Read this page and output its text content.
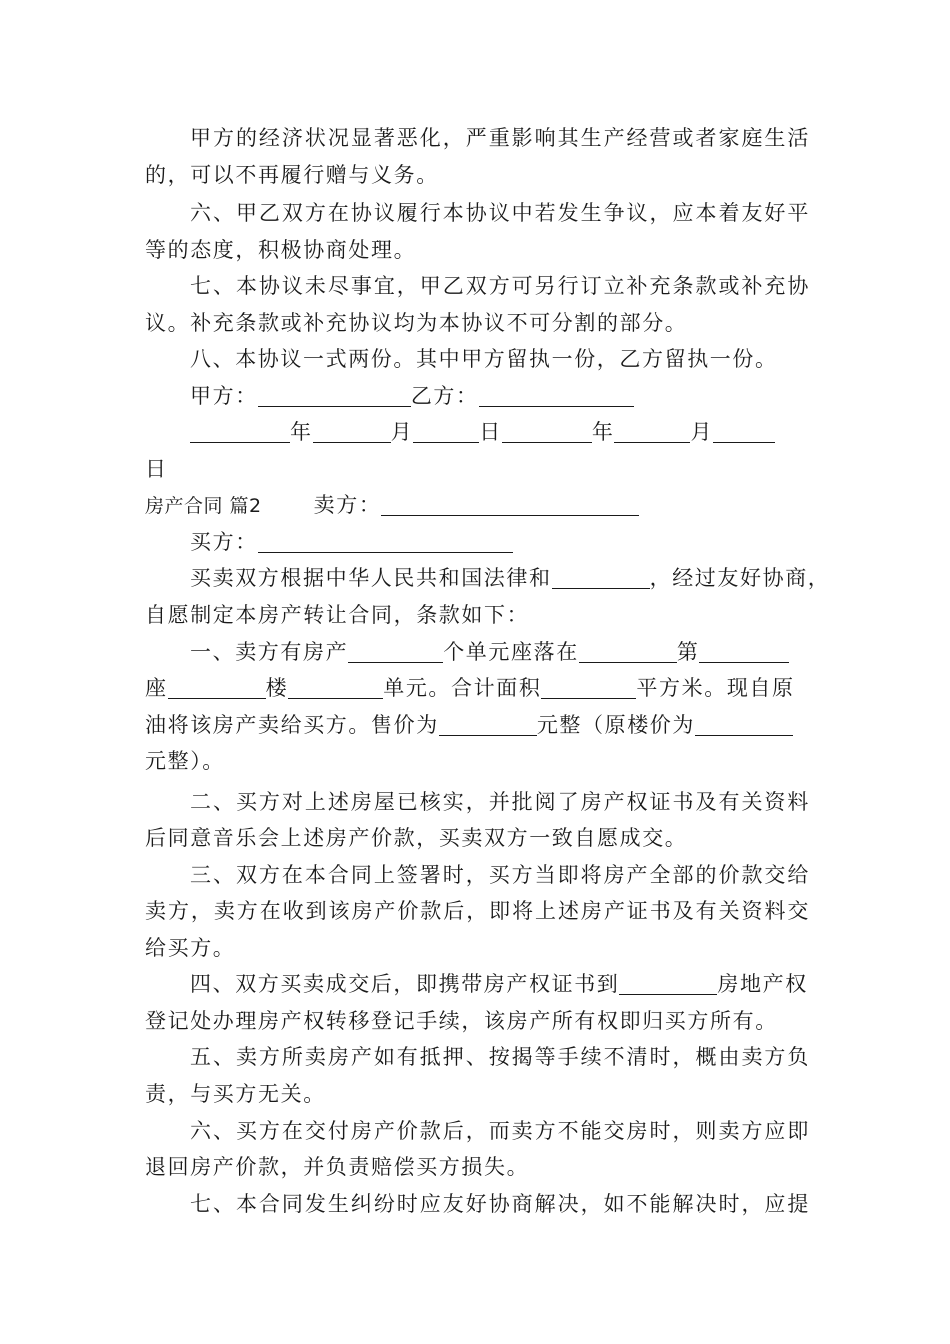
甲方的经济状况显著恶化，严重影响其生产经营或者家庭生活
的，可以不再履行赠与义务。
六、甲乙双方在协议履行本协议中若发生争议，应本着友好平
等的态度，积极协商处理。
七、本协议未尽事宜，甲乙双方可另行订立补充条款或补充协
议。补充条款或补充协议均为本协议不可分割的部分。
八、本协议一式两份。其中甲方留执一份，乙方留执一份。
甲方：	乙方：
年	月	日	年	月
日
房产合同 篇2 卖方：
买方：
买卖双方根据中华人民共和国法律和	，经过友好协商，
自愿制定本房产转让合同，条款如下：
一、卖方有房产	个单元座落在	第
座	楼	单元。合计面积	平方米。现自原
油将该房产卖给买方。售价为	元整（原楼价为
元整）。
二、买方对上述房屋已核实，并批阅了房产权证书及有关资料
后同意音乐会上述房产价款，买卖双方一致自愿成交。
三、双方在本合同上签署时，买方当即将房产全部的价款交给
卖方，卖方在收到该房产价款后，即将上述房产证书及有关资料交
给买方。
四、双方买卖成交后，即携带房产权证书到	房地产权
登记处办理房产权转移登记手续，该房产所有权即归买方所有。
五、卖方所卖房产如有抵押、按揭等手续不清时，概由卖方负
责，与买方无关。
六、买方在交付房产价款后，而卖方不能交房时，则卖方应即
退回房产价款，并负责赔偿买方损失。
七、本合同发生纠纷时应友好协商解决，如不能解决时，应提
